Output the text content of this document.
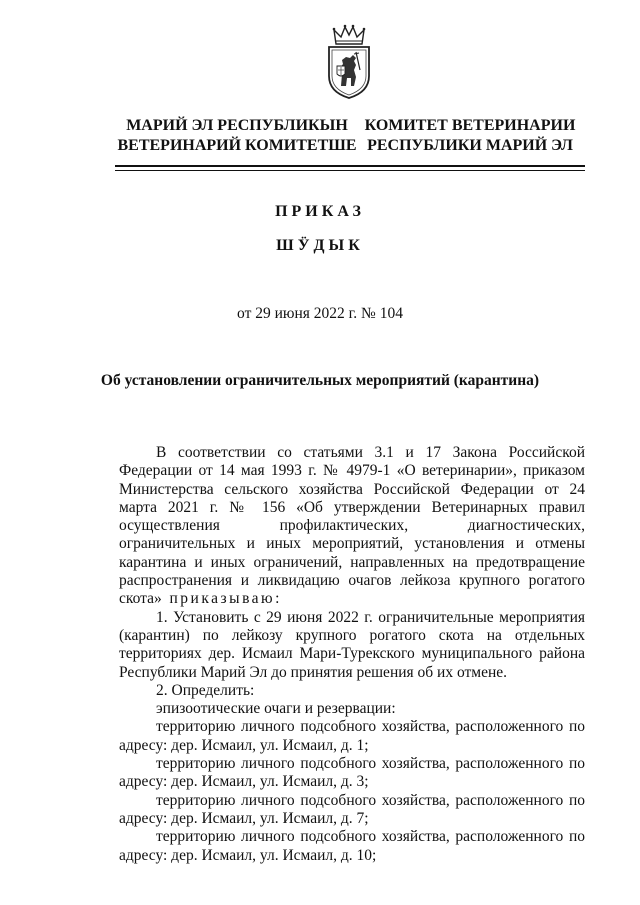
МАРИЙ ЭЛ РЕСПУБЛИКЫН
ВЕТЕРИНАРИЙ КОМИТЕТШЕ
КОМИТЕТ ВЕТЕРИНАРИИ
РЕСПУБЛИКИ МАРИЙ ЭЛ
ПРИКАЗ
ШӰДЫК
от 29 июня 2022 г. № 104
Об установлении ограничительных мероприятий (карантина)

В соответствии со статьями 3.1 и 17 Закона Российской Федерации от 14 мая 1993 г. № 4979-1 «О ветеринарии», приказом Министерства сельского хозяйства Российской Федерации от 24 марта 2021 г. № 156 «Об утверждении Ветеринарных правил осуществления профилактических, диагностических, ограничительных и иных мероприятий, установления и отмены карантина и иных ограничений, направленных на предотвращение распространения и ликвидацию очагов лейкоза крупного рогатого скота» приказываю:

1. Установить с 29 июня 2022 г. ограничительные мероприятия (карантин) по лейкозу крупного рогатого скота на отдельных территориях дер. Исмаил Мари-Турекского муниципального района Республики Марий Эл до принятия решения об их отмене.

2. Определить:

эпизоотические очаги и резервации:

территорию личного подсобного хозяйства, расположенного по адресу: дер. Исмаил, ул. Исмаил, д. 1;

территорию личного подсобного хозяйства, расположенного по адресу: дер. Исмаил, ул. Исмаил, д. 3;

территорию личного подсобного хозяйства, расположенного по адресу: дер. Исмаил, ул. Исмаил, д. 7;

территорию личного подсобного хозяйства, расположенного по адресу: дер. Исмаил, ул. Исмаил, д. 10;
